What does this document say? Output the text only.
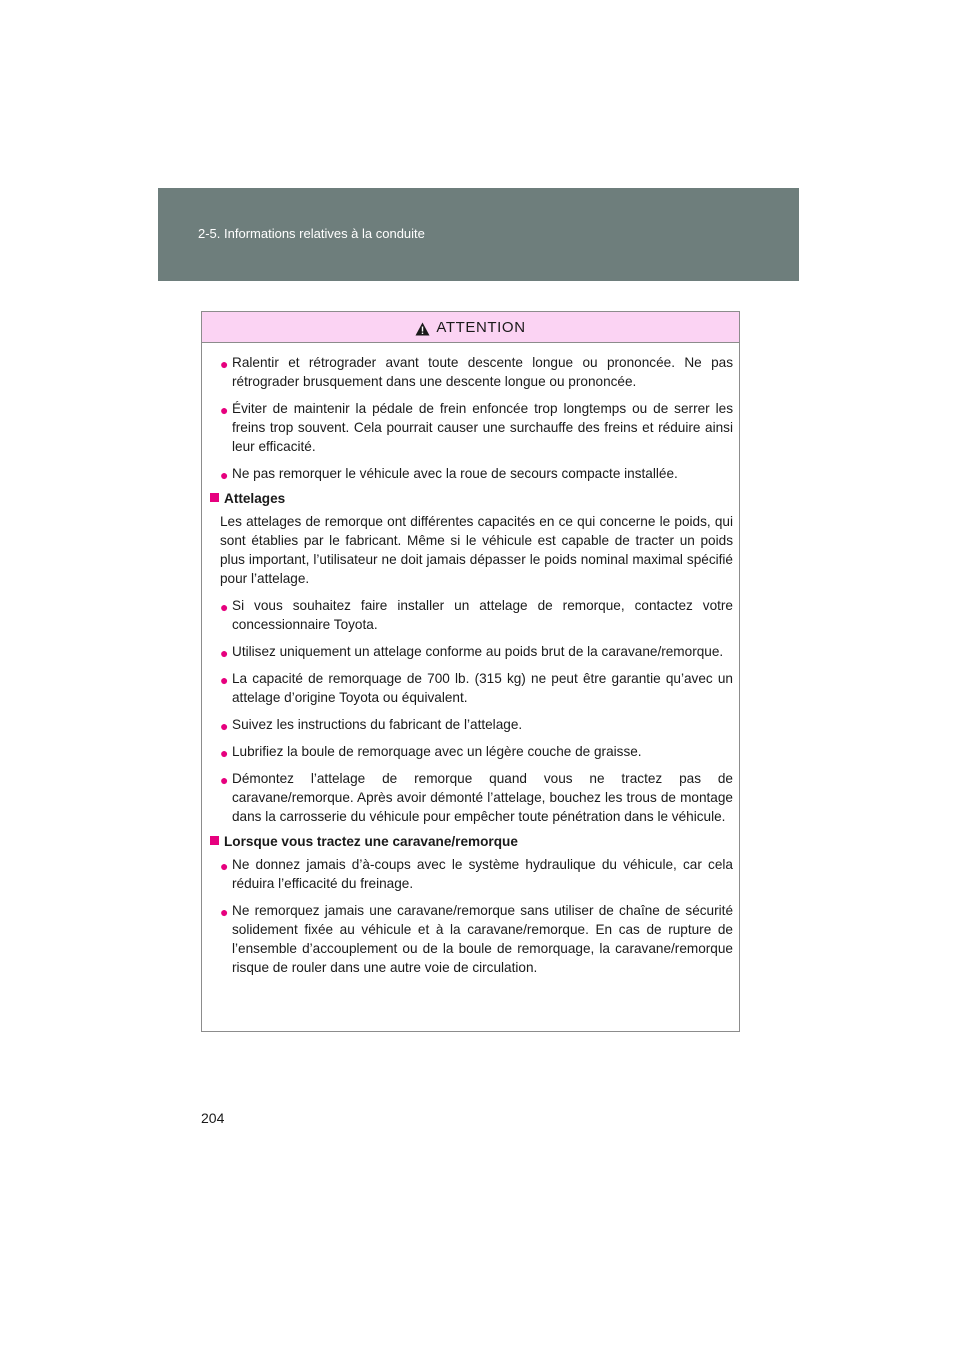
2-5. Informations relatives à la conduite
ATTENTION
● Ralentir et rétrograder avant toute descente longue ou prononcée. Ne pas rétrograder brusquement dans une descente longue ou prononcée.
● Éviter de maintenir la pédale de frein enfoncée trop longtemps ou de serrer les freins trop souvent. Cela pourrait causer une surchauffe des freins et réduire ainsi leur efficacité.
● Ne pas remorquer le véhicule avec la roue de secours compacte installée.
Attelages
Les attelages de remorque ont différentes capacités en ce qui concerne le poids, qui sont établies par le fabricant. Même si le véhicule est capable de tracter un poids plus important, l’utilisateur ne doit jamais dépasser le poids nominal maximal spécifié pour l’attelage.
● Si vous souhaitez faire installer un attelage de remorque, contactez votre concessionnaire Toyota.
● Utilisez uniquement un attelage conforme au poids brut de la caravane/remorque.
● La capacité de remorquage de 700 lb. (315 kg) ne peut être garantie qu’avec un attelage d’origine Toyota ou équivalent.
● Suivez les instructions du fabricant de l’attelage.
● Lubrifiez la boule de remorquage avec un légère couche de graisse.
● Démontez l’attelage de remorque quand vous ne tractez pas de caravane/remorque. Après avoir démonté l’attelage, bouchez les trous de montage dans la carrosserie du véhicule pour empêcher toute pénétration dans le véhicule.
Lorsque vous tractez une caravane/remorque
● Ne donnez jamais d’à-coups avec le système hydraulique du véhicule, car cela réduira l’efficacité du freinage.
● Ne remorquez jamais une caravane/remorque sans utiliser de chaîne de sécurité solidement fixée au véhicule et à la caravane/remorque. En cas de rupture de l’ensemble d’accouplement ou de la boule de remorquage, la caravane/remorque risque de rouler dans une autre voie de circulation.
204
